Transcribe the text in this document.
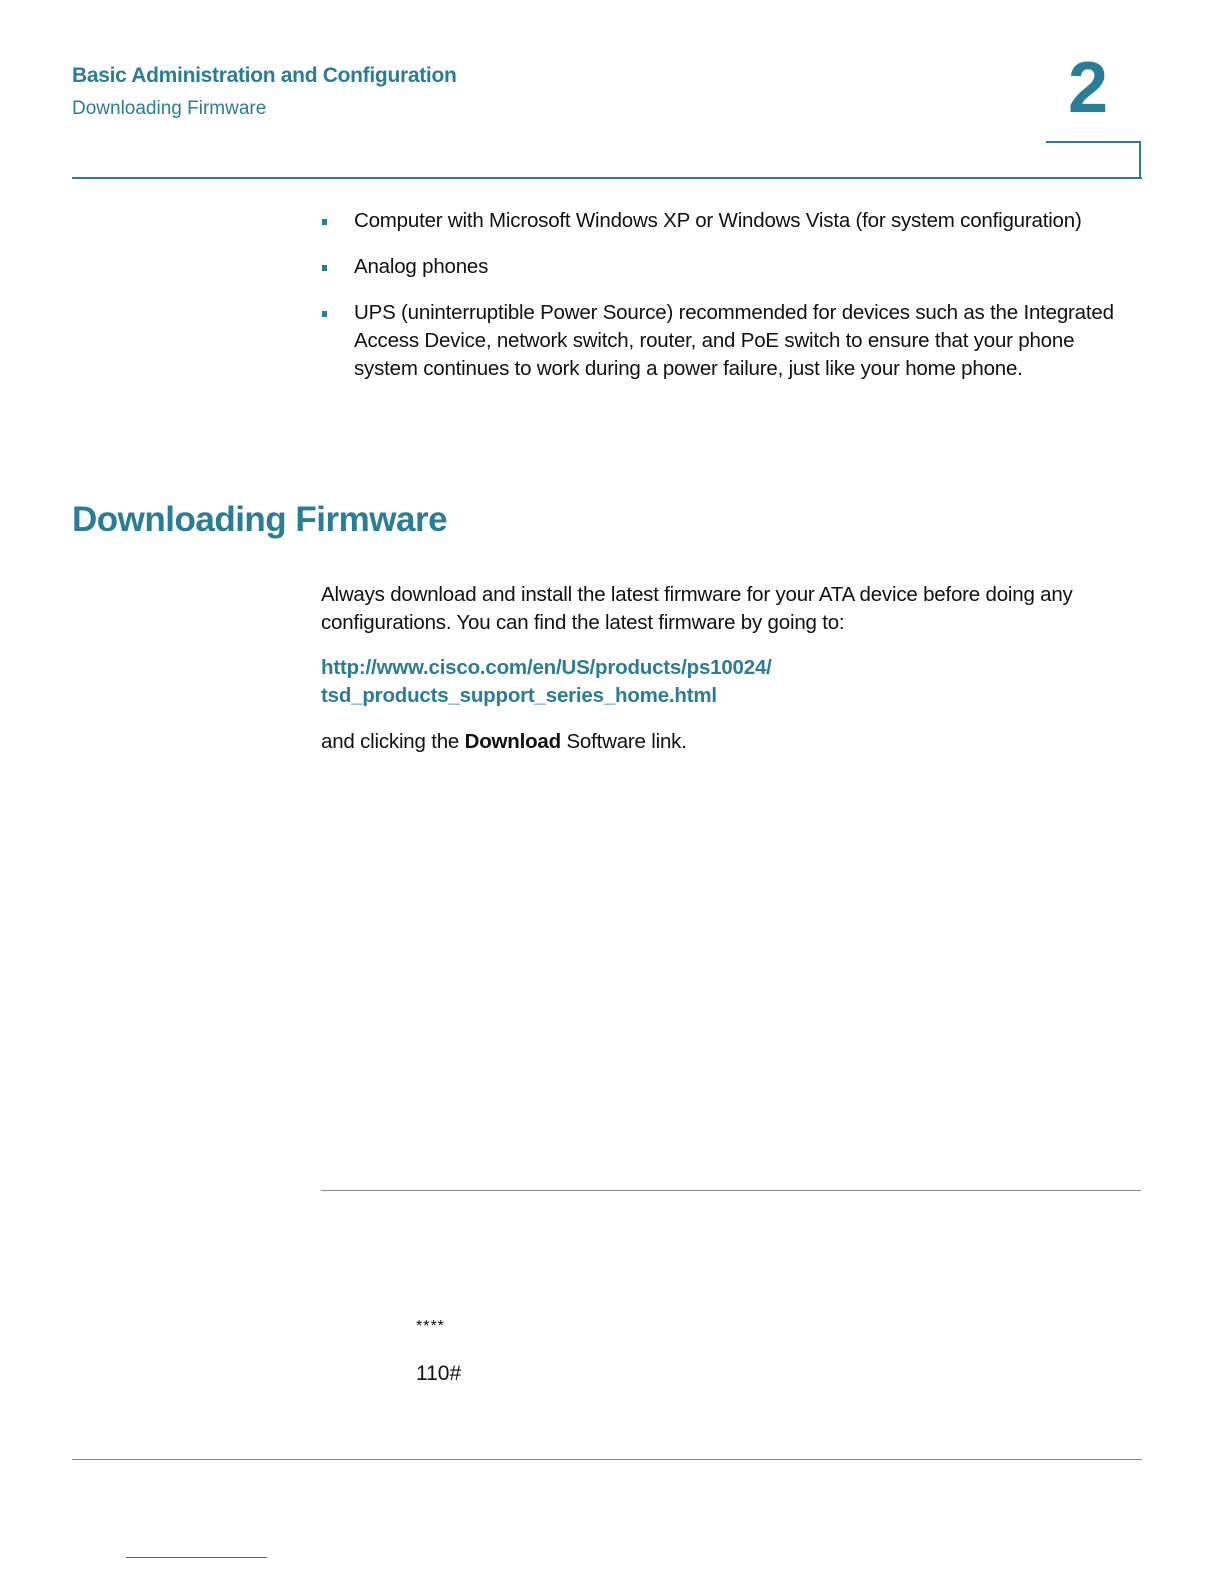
Basic Administration and Configuration
Downloading Firmware	2
Computer with Microsoft Windows XP or Windows Vista (for system configuration)
Analog phones
UPS (uninterruptible Power Source) recommended for devices such as the Integrated Access Device, network switch, router, and PoE switch to ensure that your phone system continues to work during a power failure, just like your home phone.
Downloading Firmware

Always download and install the latest firmware for your ATA device before doing any configurations. You can find the latest firmware by going to:

http://www.cisco.com/en/US/products/ps10024/
tsd_products_support_series_home.html

and clicking the Download Software link.

****
110#
